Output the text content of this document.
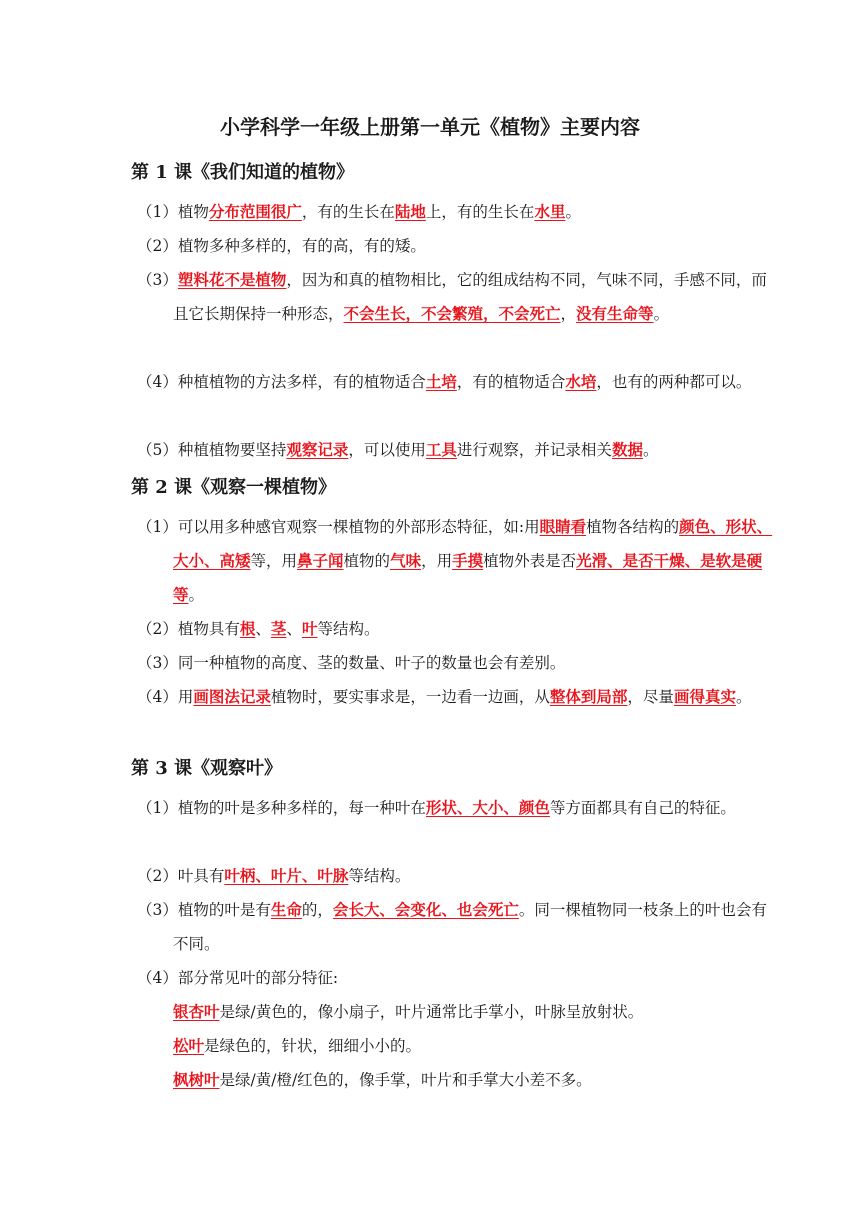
小学科学一年级上册第一单元《植物》主要内容
第 1 课《我们知道的植物》

（1）植物分布范围很广，有的生长在陆地上，有的生长在水里。

（2）植物多种多样的，有的高，有的矮。

（3）塑料花不是植物，因为和真的植物相比，它的组成结构不同，气味不同，手感不同，而且它长期保持一种形态，不会生长，不会繁殖，不会死亡，没有生命等。

（4）种植植物的方法多样，有的植物适合土培，有的植物适合水培，也有的两种都可以。

（5）种植植物要坚持观察记录，可以使用工具进行观察，并记录相关数据。

第 2 课《观察一棵植物》

（1）可以用多种感官观察一棵植物的外部形态特征，如:用眼睛看植物各结构的颜色、形状、大小、高矮等，用鼻子闻植物的气味，用手摸植物外表是否光滑、是否干燥、是软是硬等。

（2）植物具有根、茎、叶等结构。

（3）同一种植物的高度、茎的数量、叶子的数量也会有差别。

（4）用画图法记录植物时，要实事求是，一边看一边画，从整体到局部，尽量画得真实。

第 3 课《观察叶》

（1）植物的叶是多种多样的，每一种叶在形状、大小、颜色等方面都具有自己的特征。

（2）叶具有叶柄、叶片、叶脉等结构。

（3）植物的叶是有生命的，会长大、会变化、也会死亡。同一棵植物同一枝条上的叶也会有不同。

（4）部分常见叶的部分特征:

银杏叶是绿/黄色的，像小扇子，叶片通常比手掌小，叶脉呈放射状。

松叶是绿色的，针状，细细小小的。

枫树叶是绿/黄/橙/红色的，像手掌，叶片和手掌大小差不多。
